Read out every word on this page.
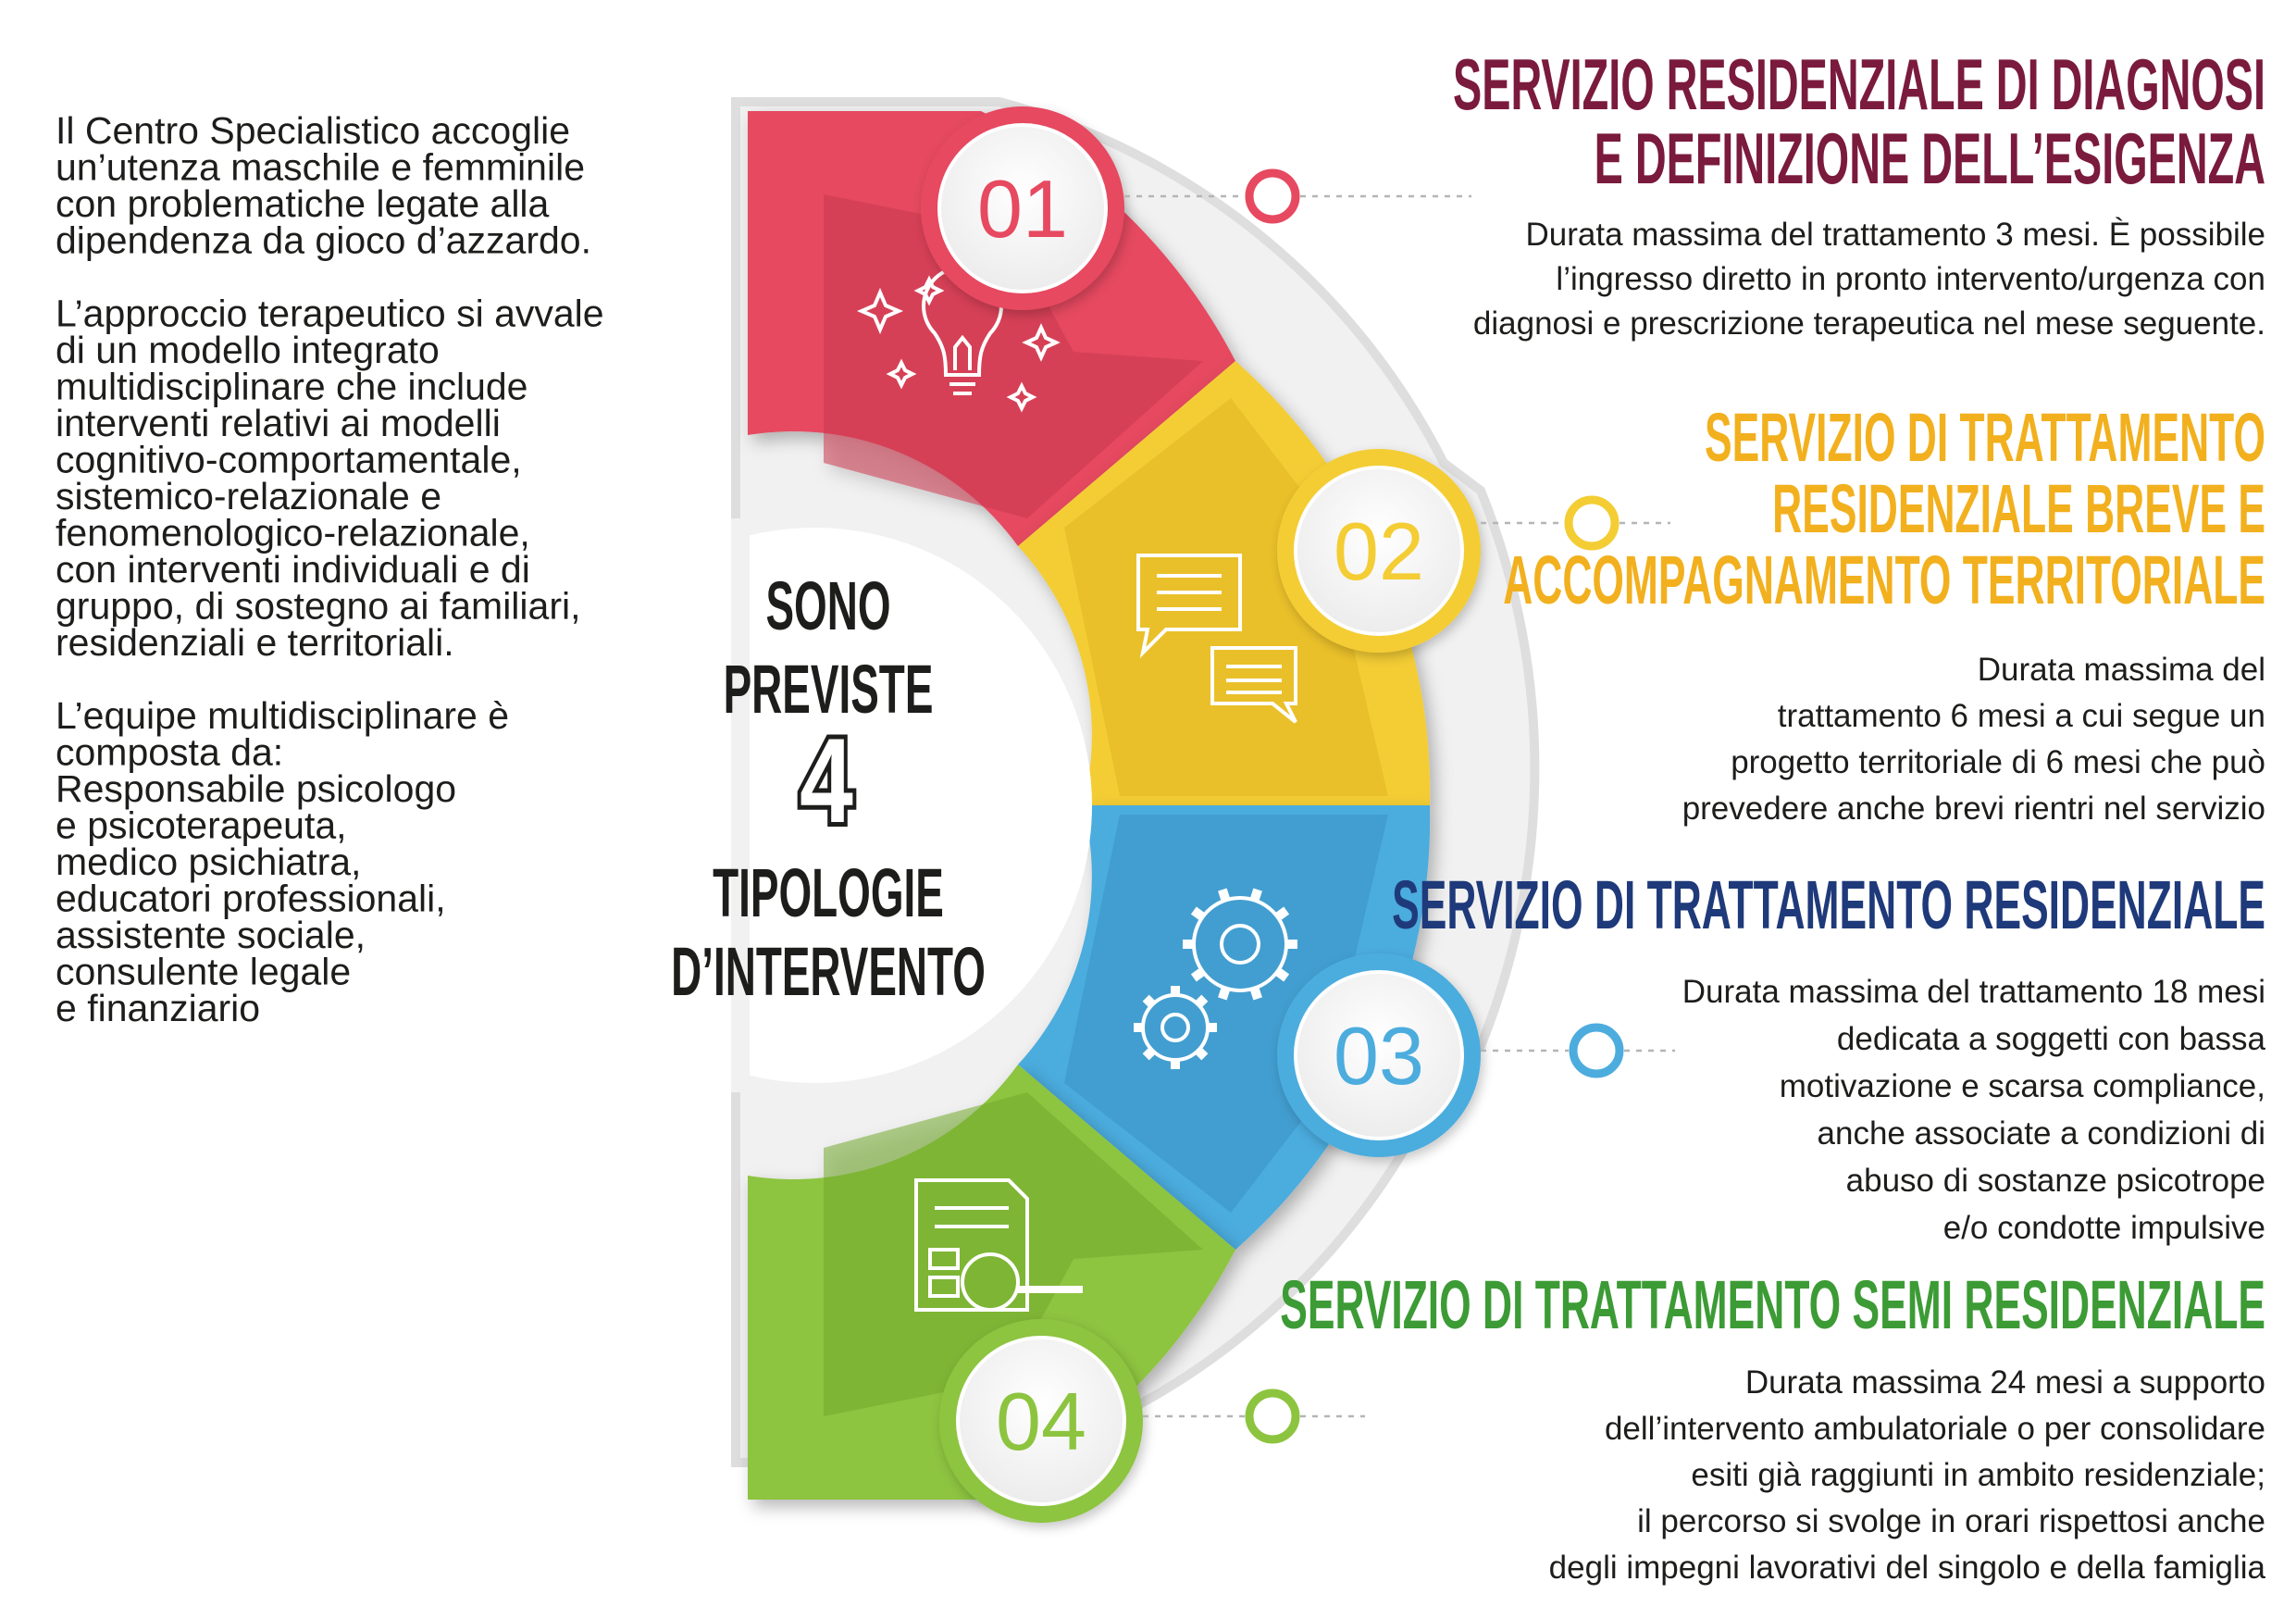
Il Centro Specialistico accoglie
un’utenza maschile e femminile
con problematiche legate alla
dipendenza da gioco d’azzardo.
L’approccio terapeutico si avvale
di un modello integrato
multidisciplinare che include
interventi relativi ai modelli
cognitivo-comportamentale,
sistemico-relazionale e
fenomenologico-relazionale,
con interventi individuali e di
gruppo, di sostegno ai familiari,
residenziali e territoriali.
L’equipe multidisciplinare è
composta da:
Responsabile psicologo
e psicoterapeuta,
medico psichiatra,
educatori professionali,
assistente sociale,
consulente legale
e finanziario
SONO
PREVISTE
4
TIPOLOGIE
D’INTERVENTO
01
02
03
04
SERVIZIO RESIDENZIALE DI DIAGNOSI
E DEFINIZIONE DELL’ESIGENZA
Durata massima del trattamento 3 mesi. È possibile
l’ingresso diretto in pronto intervento/urgenza con
diagnosi e prescrizione terapeutica nel mese seguente.
SERVIZIO DI TRATTAMENTO
RESIDENZIALE BREVE E
ACCOMPAGNAMENTO TERRITORIALE
Durata massima del
trattamento 6 mesi a cui segue un
progetto territoriale di 6 mesi che può
prevedere anche brevi rientri nel servizio
SERVIZIO DI TRATTAMENTO RESIDENZIALE
Durata massima del trattamento 18 mesi
dedicata a soggetti con bassa
motivazione e scarsa compliance,
anche associate a condizioni di
abuso di sostanze psicotrope
e/o condotte impulsive
SERVIZIO DI TRATTAMENTO SEMI RESIDENZIALE
Durata massima 24 mesi a supporto
dell’intervento ambulatoriale o per consolidare
esiti già raggiunti in ambito residenziale;
il percorso si svolge in orari rispettosi anche
degli impegni lavorativi del singolo e della famiglia
